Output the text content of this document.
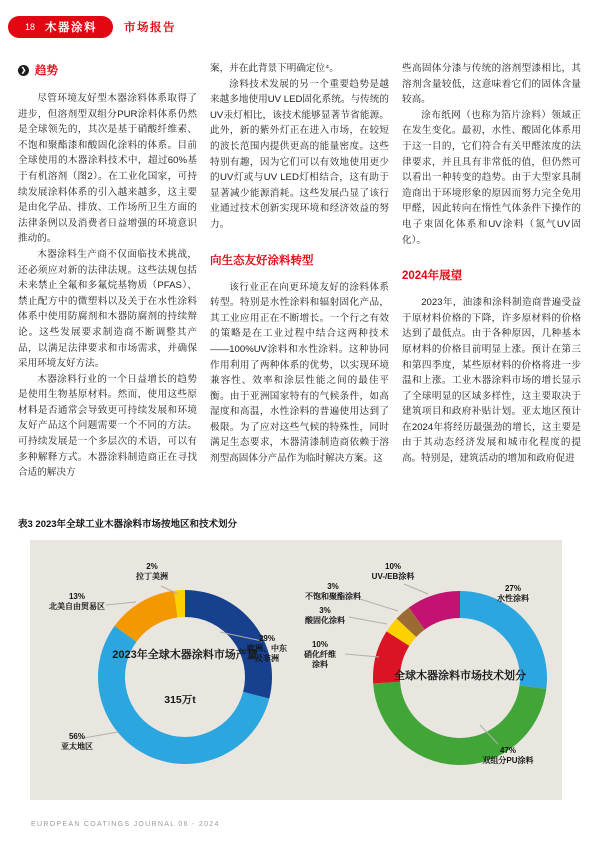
18 木器涂料 市场报告
❯ 趋势

尽管环境友好型木器涂料体系取得了进步，但溶剂型双组分PUR涂料体系仍然是全球领先的，其次是基于硝酸纤维素、不饱和聚酯漆和酸固化涂料的体系。目前全球使用的木器涂料技术中，超过60%基于有机溶剂（图2）。在工业化国家，可持续发展涂料体系的引入越来越多，这主要是由化学品、排放、工作场所卫生方面的法律条例以及消费者日益增强的环境意识推动的。

木器涂料生产商不仅面临技术挑战，还必须应对新的法律法规。这些法规包括未来禁止全氟和多氟烷基物质（PFAS）、禁止配方中的微塑料以及关于在水性涂料体系中使用防腐剂和木器防腐剂的持续辩论。这些发展要求制造商不断调整其产品，以满足法律要求和市场需求，并确保采用环境友好方法。

木器涂料行业的一个日益增长的趋势是使用生物基原材料。然而，使用这些原材料是否通常会导致更可持续发展和环境友好产品这个问题需要一个不同的方法。可持续发展是一个多层次的术语，可以有多种解释方式。木器涂料制造商正在寻找合适的解决方

案，并在此背景下明确定位⁴。

涂料技术发展的另一个重要趋势是越来越多地使用UV LED固化系统。与传统的UV汞灯相比，该技术能够显著节省能源。此外，新的紫外灯正在进入市场，在较短的波长范围内提供更高的能量密度。这些特别有趣，因为它们可以有效地使用更少的UV灯或与UV LED灯相结合，这有助于显著减少能源消耗。这些发展凸显了该行业通过技术创新实现环境和经济效益的努力。

向生态友好涂料转型

该行业正在向更环境友好的涂料体系转型。特别是水性涂料和辐射固化产品，其工业应用正在不断增长。一个行之有效的策略是在工业过程中结合这两种技术——100%UV涂料和水性涂料。这种协同作用利用了两种体系的优势，以实现环境兼容性、效率和涂层性能之间的最佳平衡。由于亚洲国家特有的气候条件，如高湿度和高温，水性涂料的普遍使用达到了极限。为了应对这些气候的特殊性，同时满足生态要求，木器清漆制造商依赖于溶剂型高固体分产品作为临时解决方案。这

些高固体分漆与传统的溶剂型漆相比，其溶剂含量较低，这意味着它们的固体含量较高。

涂布纸网（也称为箔片涂料）领域正在发生变化。最初，水性、酸固化体系用于这一目的，它们符合有关甲醛浓度的法律要求，并且具有非常低的值，但仍然可以看出一种转变的趋势。由于大型家具制造商出于环境形象的原因而努力完全免用甲醛，因此转向在惰性气体条件下操作的电子束固化体系和UV涂料（氮气UV固化）。

2024年展望

2023年，油漆和涂料制造商普遍受益于原材料价格的下降，许多原材料的价格达到了最低点。由于各种原因，几种基本原材料的价格目前明显上涨。预计在第三和第四季度，某些原材料的价格将进一步温和上涨。工业木器涂料市场的增长显示了全球明显的区域多样性，这主要取决于建筑项目和政府补贴计划。亚太地区预计在2024年将经历最强劲的增长，这主要是由于其动态经济发展和城市化程度的提高。特别是，建筑活动的增加和政府促进

表3 2023年全球工业木器涂料市场按地区和技术划分
2%
拉丁美洲
13%
北美自由贸易区
29%
欧洲、中东及非洲
56%
亚太地区
2023年全球木器涂料市场产量
315万t
10%
UV-/EB涂料
3%
不饱和聚酯涂料
3%
酸固化涂料
10%
硝化纤维涂料
27%
水性涂料
47%
双组分PU涂料
全球木器涂料市场技术划分
EUROPEAN COATINGS JOURNAL 06 - 2024
